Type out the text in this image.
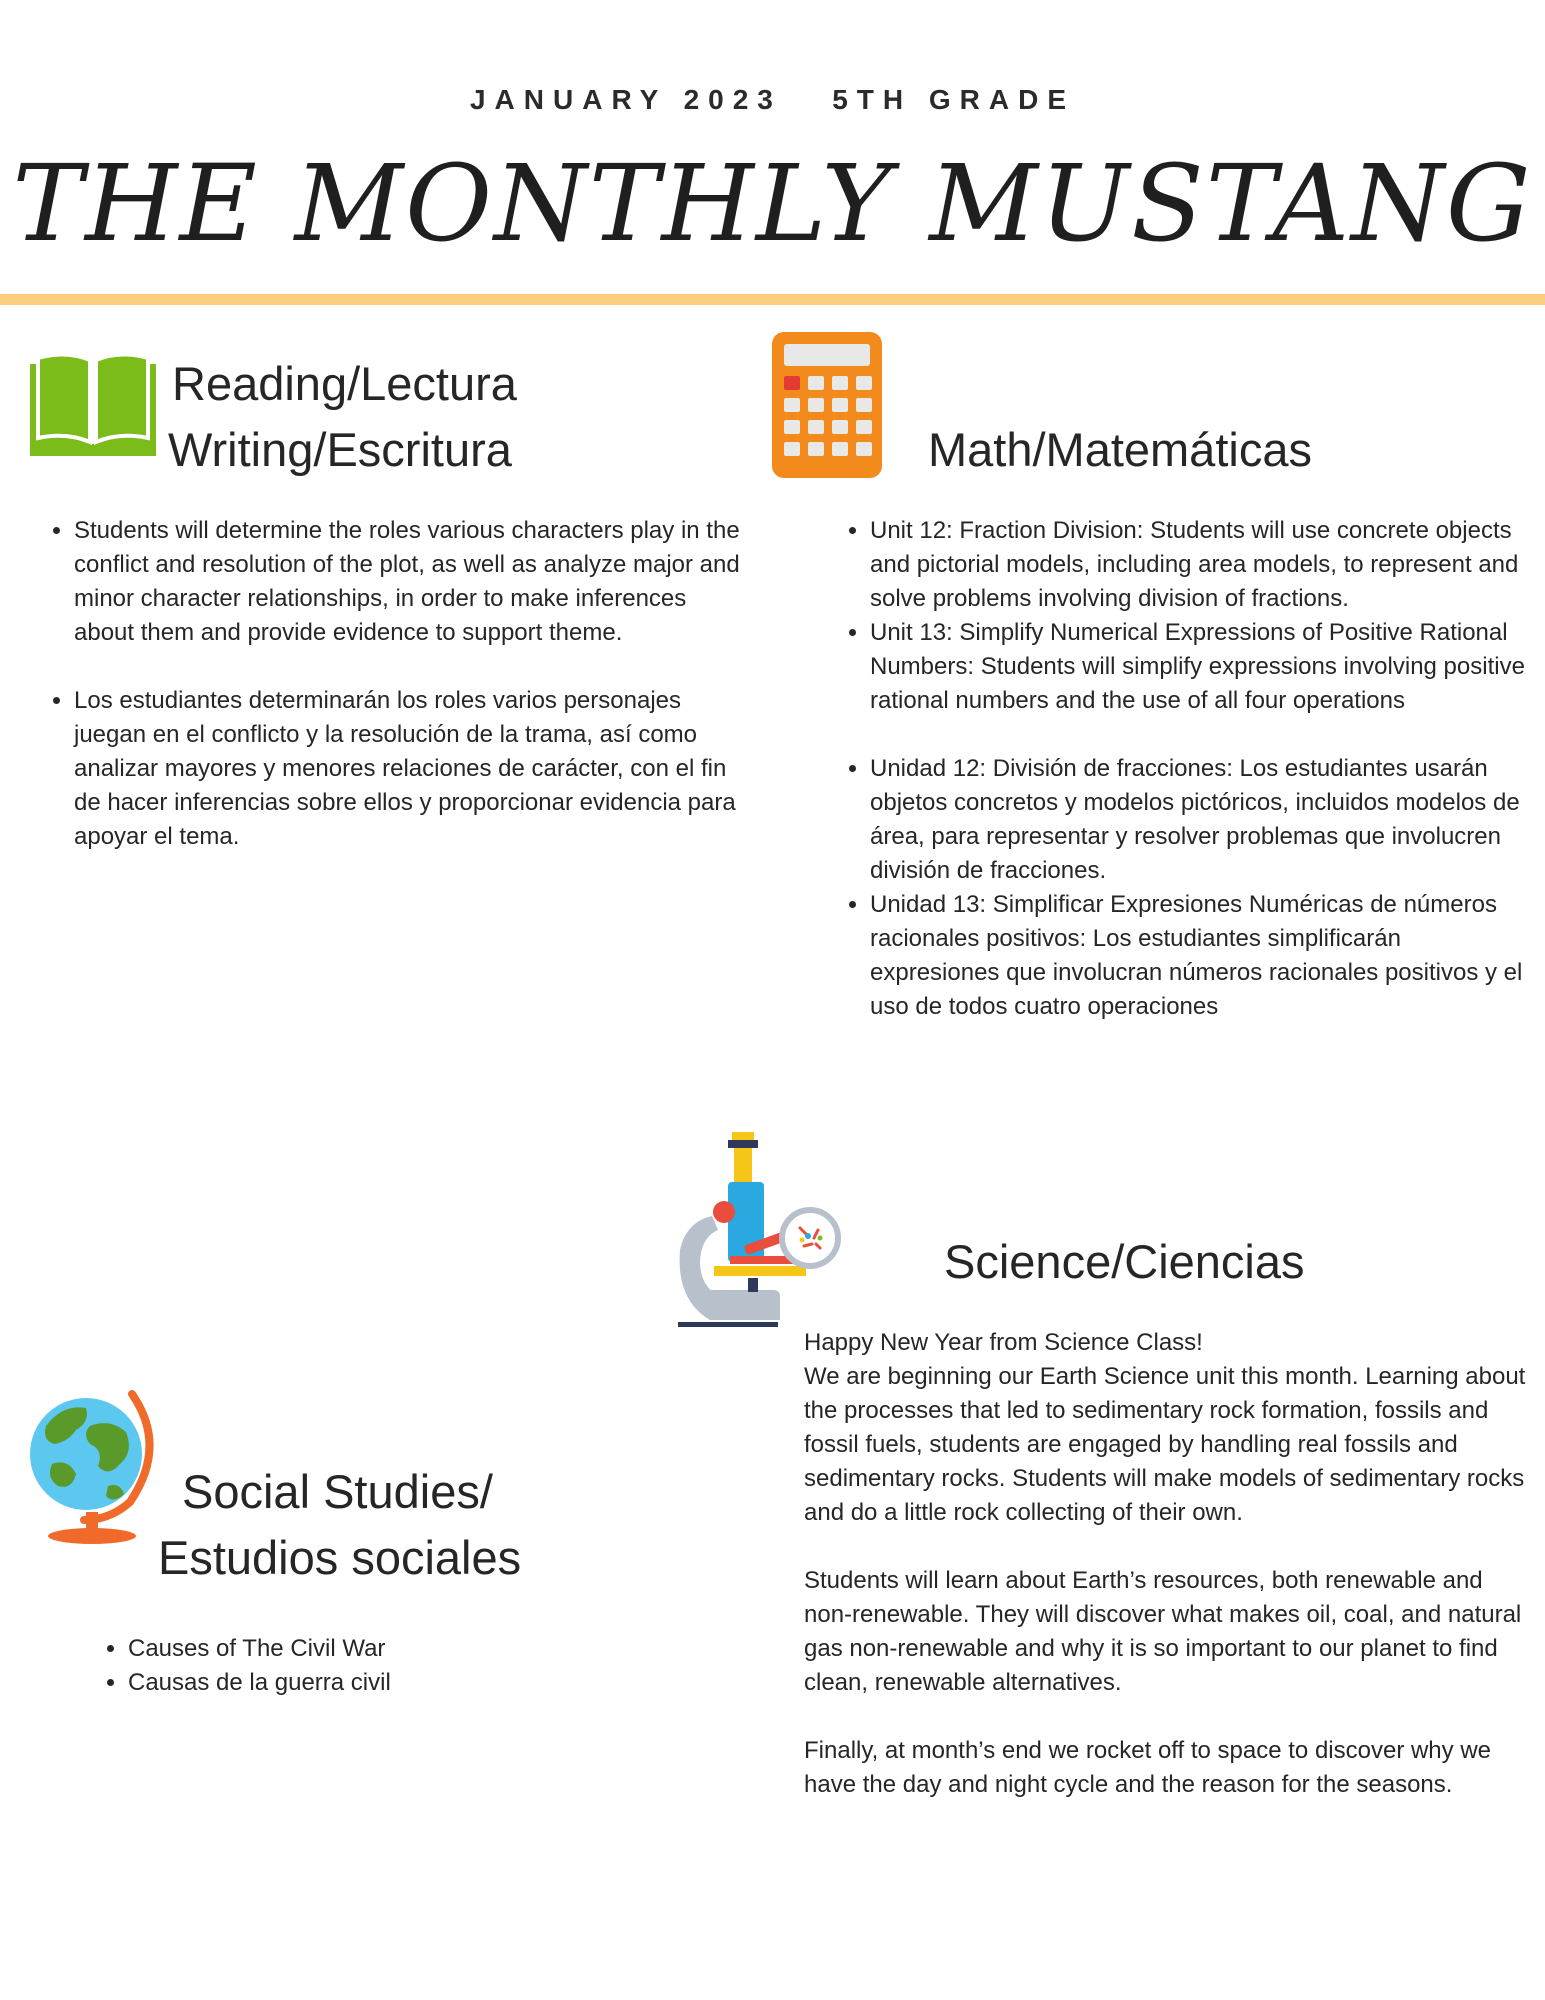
JANUARY 2023   5TH GRADE
THE MONTHLY MUSTANG
Reading/Lectura
Writing/Escritura
• Students will determine the roles various characters play in the conflict and resolution of the plot, as well as analyze major and minor character relationships, in order to make inferences about them and provide evidence to support theme.
• Los estudiantes determinarán los roles varios personajes juegan en el conflicto y la resolución de la trama, así como analizar mayores y menores relaciones de carácter, con el fin de hacer inferencias sobre ellos y proporcionar evidencia para apoyar el tema.
Math/Matemáticas
• Unit 12: Fraction Division: Students will use concrete objects and pictorial models, including area models, to represent and solve problems involving division of fractions.
• Unit 13: Simplify Numerical Expressions of Positive Rational Numbers: Students will simplify expressions involving positive rational numbers and the use of all four operations
• Unidad 12: División de fracciones: Los estudiantes usarán objetos concretos y modelos pictóricos, incluidos modelos de área, para representar y resolver problemas que involucren división de fracciones.
• Unidad 13: Simplificar Expresiones Numéricas de números racionales positivos: Los estudiantes simplificarán expresiones que involucran números racionales positivos y el uso de todos cuatro operaciones
Science/Ciencias

Happy New Year from Science Class!

We are beginning our Earth Science unit this month. Learning about the processes that led to sedimentary rock formation, fossils and fossil fuels, students are engaged by handling real fossils and sedimentary rocks. Students will make models of sedimentary rocks and do a little rock collecting of their own.

Students will learn about Earth’s resources, both renewable and non-renewable. They will discover what makes oil, coal, and natural gas non-renewable and why it is so important to our planet to find clean, renewable alternatives.

Finally, at month’s end we rocket off to space to discover why we have the day and night cycle and the reason for the seasons.

Social Studies/
Estudios sociales
• Causes of The Civil War
• Causas de la guerra civil
